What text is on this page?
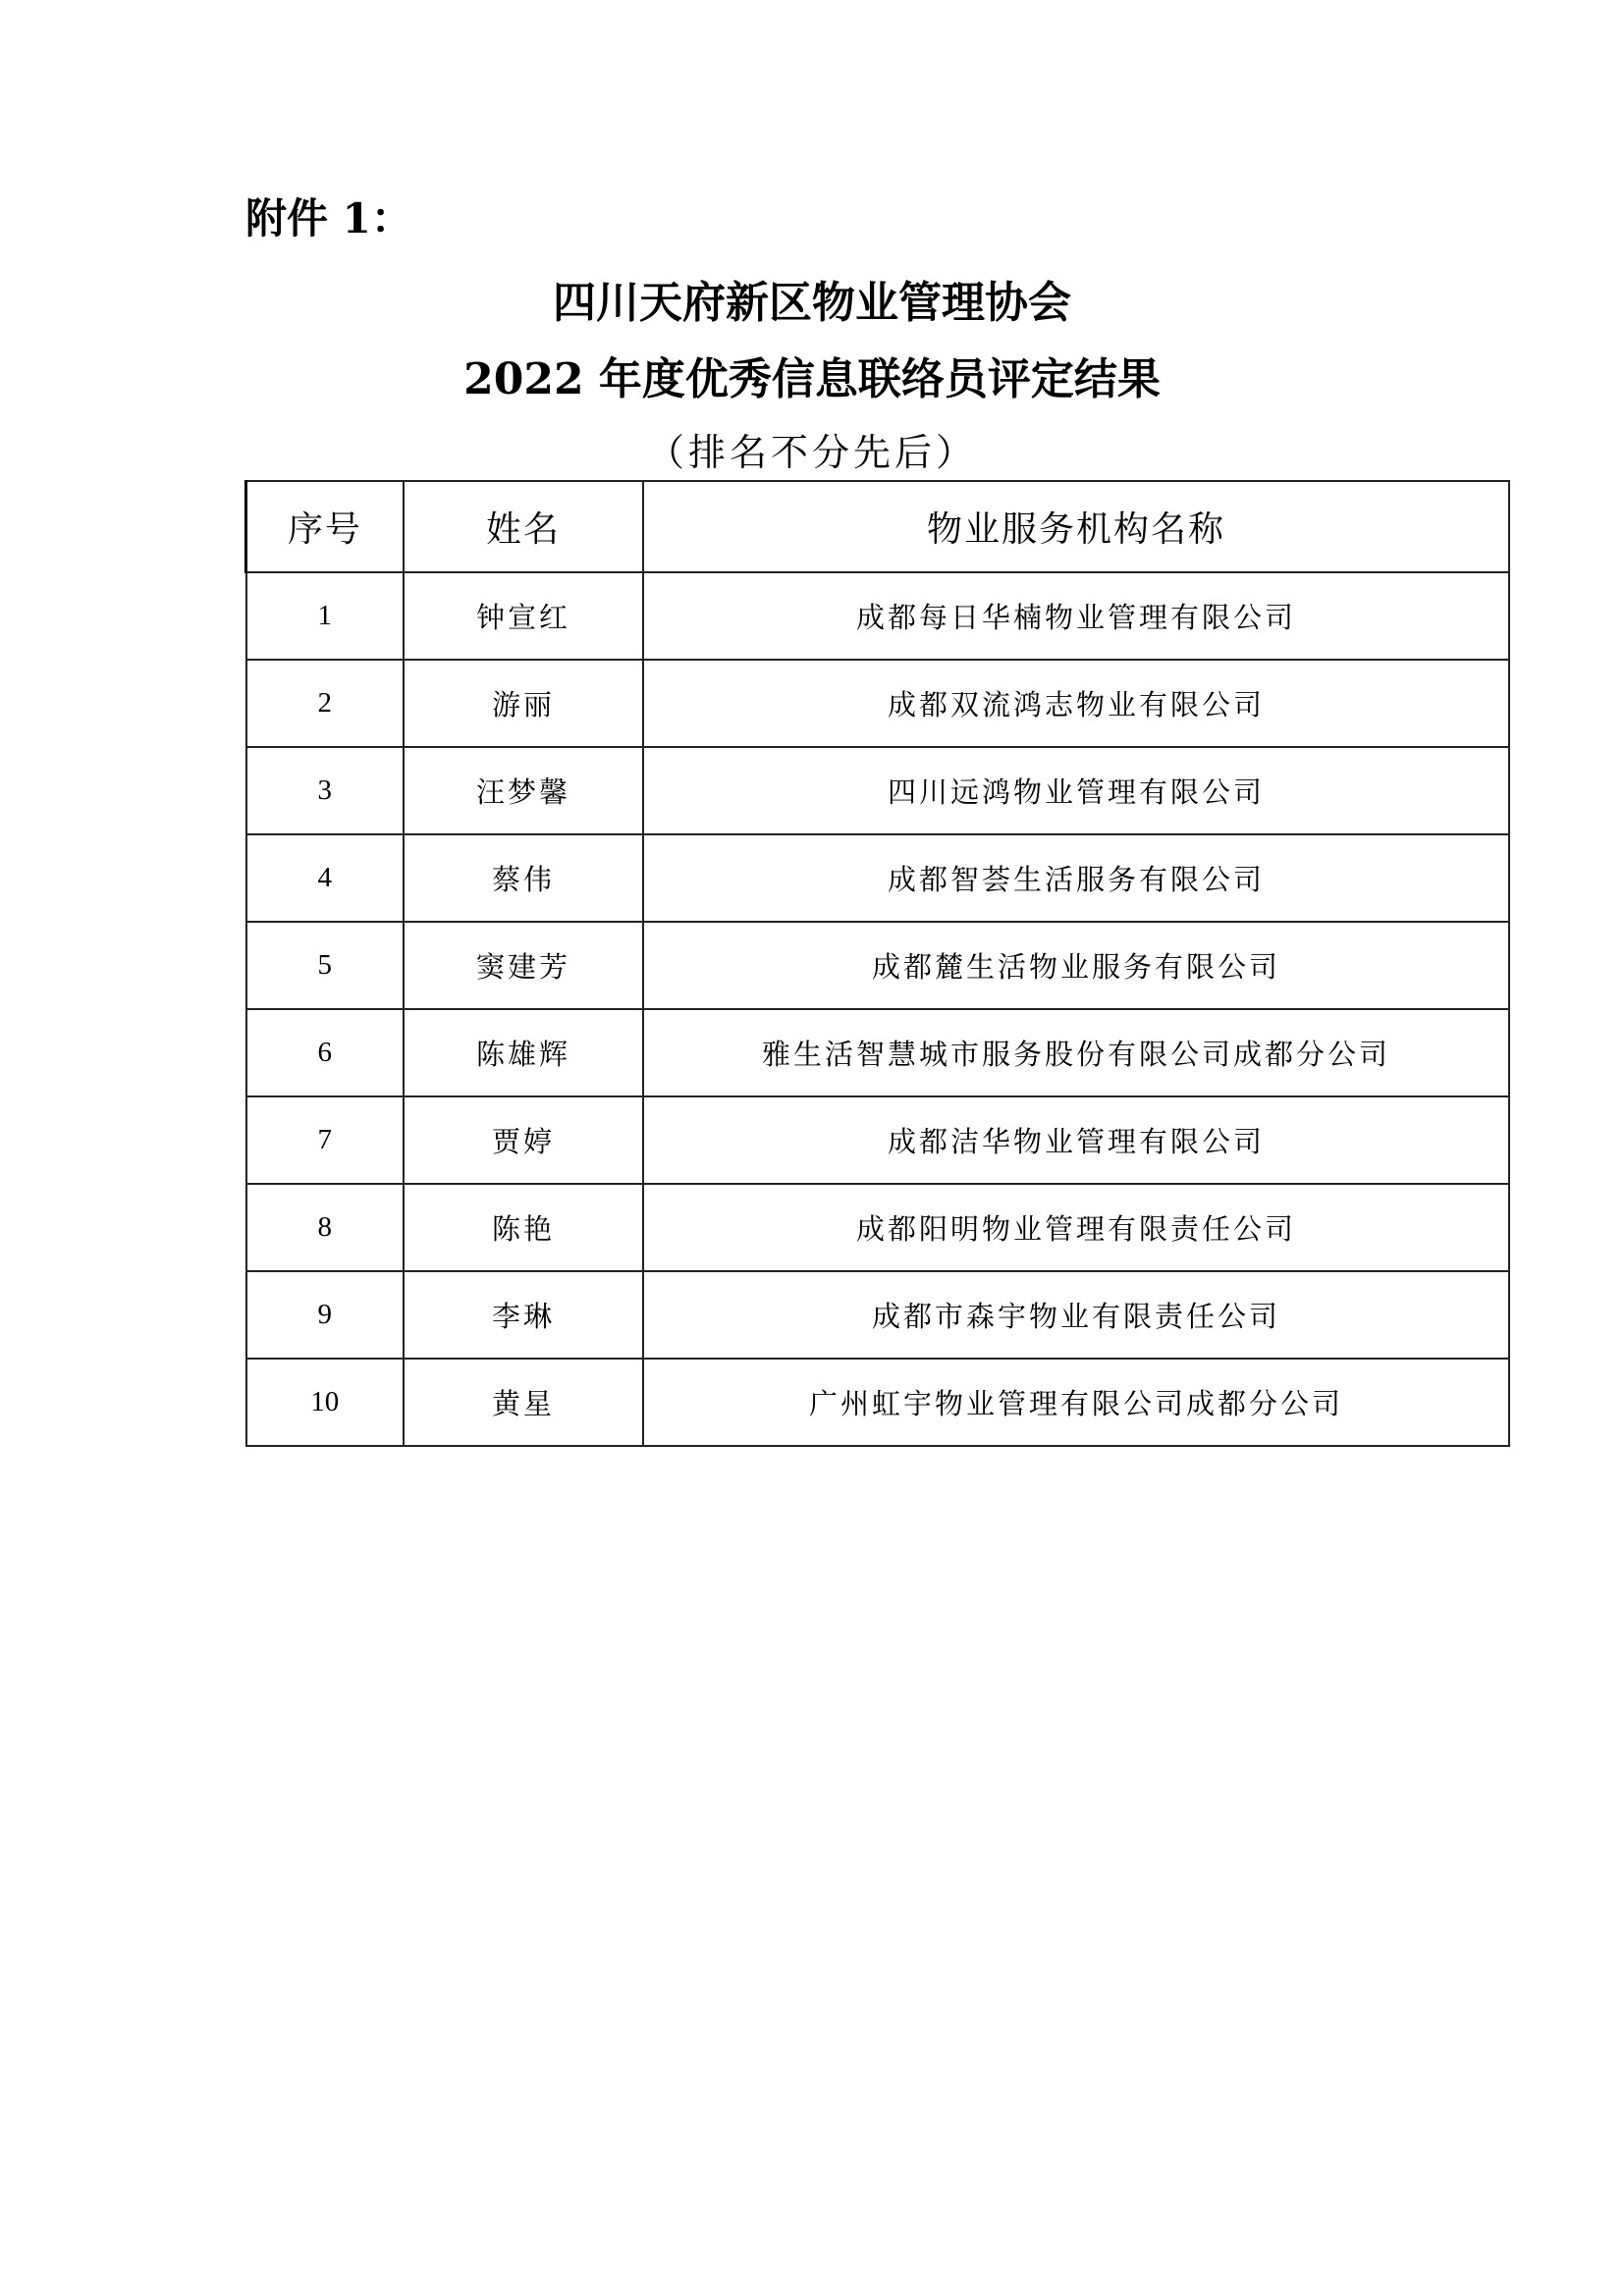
附件 1：
四川天府新区物业管理协会
2022 年度优秀信息联络员评定结果
（排名不分先后）
序号	姓名	物业服务机构名称
1	钟宣红	成都每日华楠物业管理有限公司
2	游丽	成都双流鸿志物业有限公司
3	汪梦馨	四川远鸿物业管理有限公司
4	蔡伟	成都智荟生活服务有限公司
5	窦建芳	成都麓生活物业服务有限公司
6	陈雄辉	雅生活智慧城市服务股份有限公司成都分公司
7	贾婷	成都洁华物业管理有限公司
8	陈艳	成都阳明物业管理有限责任公司
9	李琳	成都市森宇物业有限责任公司
10	黄星	广州虹宇物业管理有限公司成都分公司
